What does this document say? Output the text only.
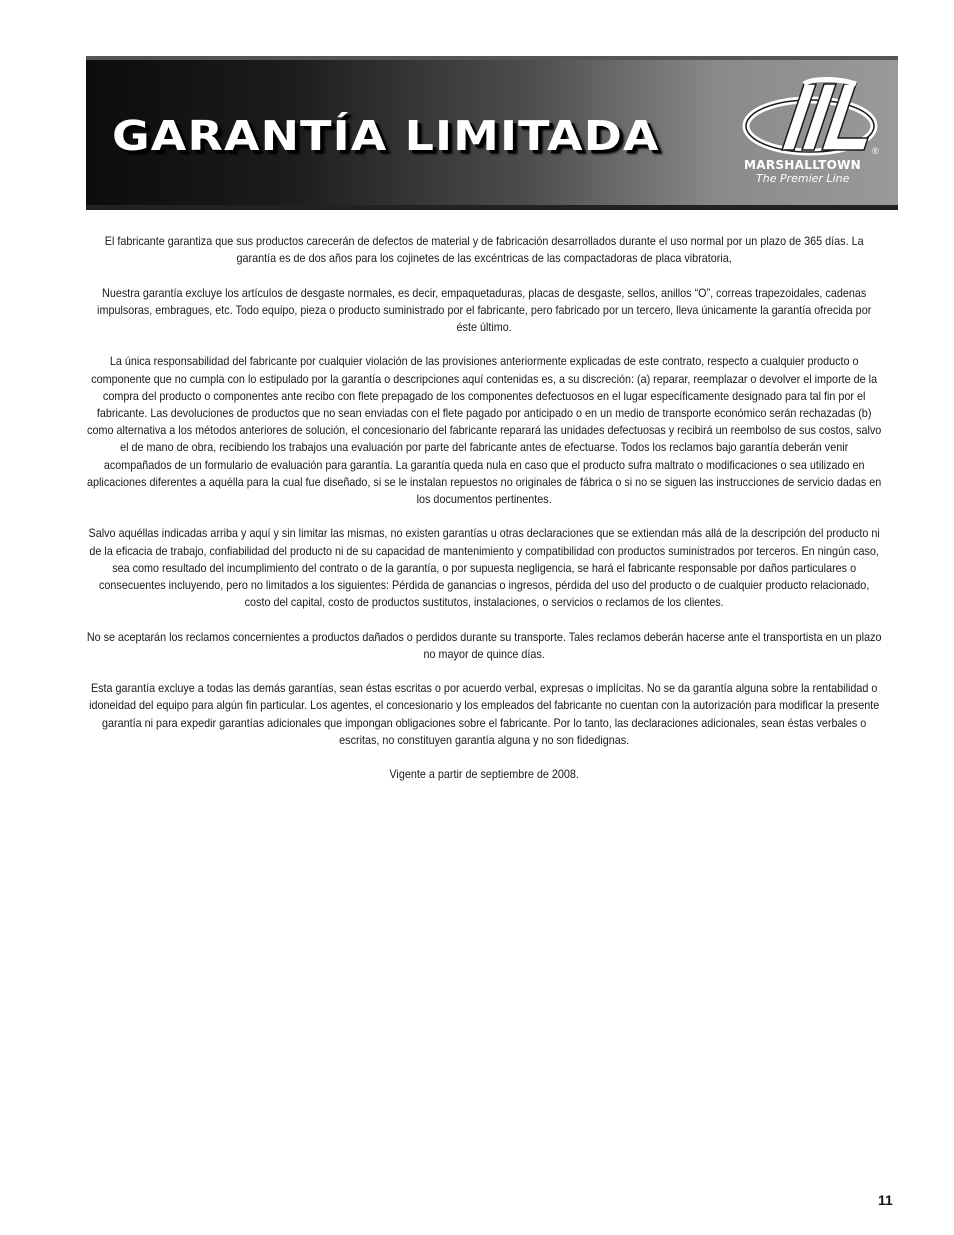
GARANTÍA LIMITADA	®
MARSHALLTOWN
The Premier Line

El fabricante garantiza que sus productos carecerán de defectos de material y de fabricación desarrollados durante el uso normal por un plazo de 365 días. La garantía es de dos años para los cojinetes de las excéntricas de las compactadoras de placa vibratoria,

Nuestra garantía excluye los artículos de desgaste normales, es decir, empaquetaduras, placas de desgaste, sellos, anillos “O”, correas trapezoidales, cadenas impulsoras, embragues, etc. Todo equipo, pieza o producto suministrado por el fabricante, pero fabricado por un tercero, lleva únicamente la garantía ofrecida por éste último.

La única responsabilidad del fabricante por cualquier violación de las provisiones anteriormente explicadas de este contrato, respecto a cualquier producto o componente que no cumpla con lo estipulado por la garantía o descripciones aquí contenidas es, a su discreción: (a) reparar, reemplazar o devolver el importe de la compra del producto o componentes ante recibo con flete prepagado de los componentes defectuosos en el lugar específicamente designado para tal fin por el fabricante. Las devoluciones de productos que no sean enviadas con el flete pagado por anticipado o en un medio de transporte económico serán rechazadas (b) como alternativa a los métodos anteriores de solución, el concesionario del fabricante reparará las unidades defectuosas y recibirá un reembolso de sus costos, salvo el de mano de obra, recibiendo los trabajos una evaluación por parte del fabricante antes de efectuarse. Todos los reclamos bajo garantía deberán venir acompañados de un formulario de evaluación para garantía. La garantía queda nula en caso que el producto sufra maltrato o modificaciones o sea utilizado en aplicaciones diferentes a aquélla para la cual fue diseñado, si se le instalan repuestos no originales de fábrica o si no se siguen las instrucciones de servicio dadas en los documentos pertinentes.

Salvo aquéllas indicadas arriba y aquí y sin limitar las mismas, no existen garantías u otras declaraciones que se extiendan más allá de la descripción del producto ni de la eficacia de trabajo, confiabilidad del producto ni de su capacidad de mantenimiento y compatibilidad con productos suministrados por terceros. En ningún caso, sea como resultado del incumplimiento del contrato o de la garantía, o por supuesta negligencia, se hará el fabricante responsable por daños particulares o consecuentes incluyendo, pero no limitados a los siguientes: Pérdida de ganancias o ingresos, pérdida del uso del producto o de cualquier producto relacionado, costo del capital, costo de productos sustitutos, instalaciones, o servicios o reclamos de los clientes.

No se aceptarán los reclamos concernientes a productos dañados o perdidos durante su transporte. Tales reclamos deberán hacerse ante el transportista en un plazo no mayor de quince días.

Esta garantía excluye a todas las demás garantías, sean éstas escritas o por acuerdo verbal, expresas o implícitas. No se da garantía alguna sobre la rentabilidad o idoneidad del equipo para algún fin particular. Los agentes, el concesionario y los empleados del fabricante no cuentan con la autorización para modificar la presente garantía ni para expedir garantías adicionales que impongan obligaciones sobre el fabricante. Por lo tanto, las declaraciones adicionales, sean éstas verbales o escritas, no constituyen garantía alguna y no son fidedignas.

Vigente a partir de septiembre de 2008.

11
